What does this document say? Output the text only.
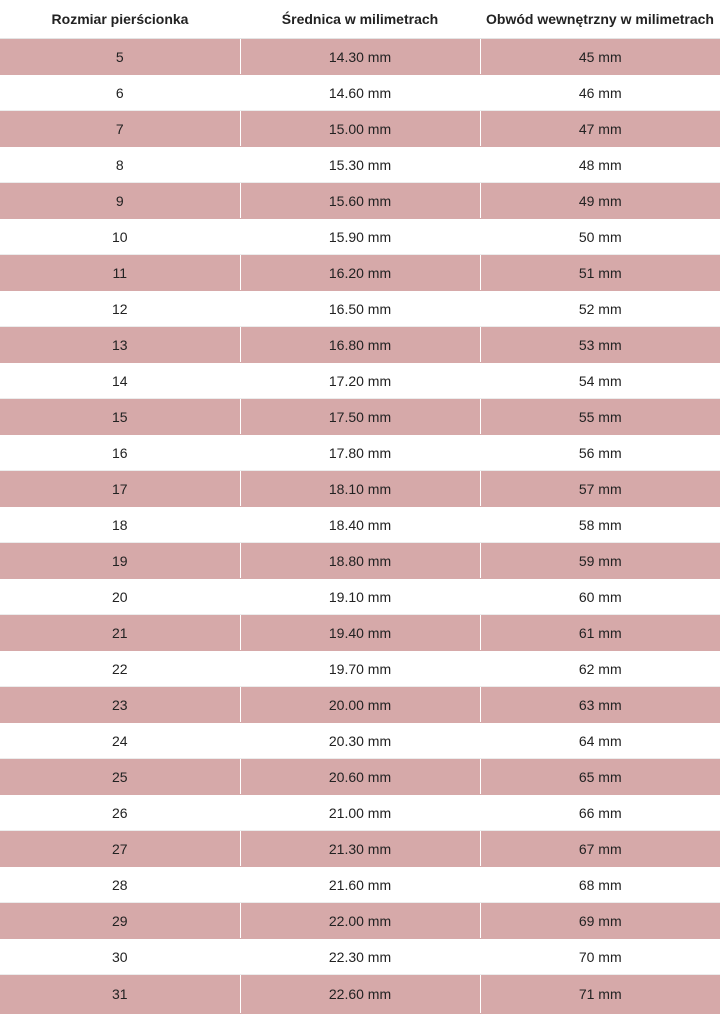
Rozmiar pierścionka	Średnica w milimetrach	Obwód wewnętrzny w milimetrach
5	14.30 mm	45 mm
6	14.60 mm	46 mm
7	15.00 mm	47 mm
8	15.30 mm	48 mm
9	15.60 mm	49 mm
10	15.90 mm	50 mm
11	16.20 mm	51 mm
12	16.50 mm	52 mm
13	16.80 mm	53 mm
14	17.20 mm	54 mm
15	17.50 mm	55 mm
16	17.80 mm	56 mm
17	18.10 mm	57 mm
18	18.40 mm	58 mm
19	18.80 mm	59 mm
20	19.10 mm	60 mm
21	19.40 mm	61 mm
22	19.70 mm	62 mm
23	20.00 mm	63 mm
24	20.30 mm	64 mm
25	20.60 mm	65 mm
26	21.00 mm	66 mm
27	21.30 mm	67 mm
28	21.60 mm	68 mm
29	22.00 mm	69 mm
30	22.30 mm	70 mm
31	22.60 mm	71 mm
